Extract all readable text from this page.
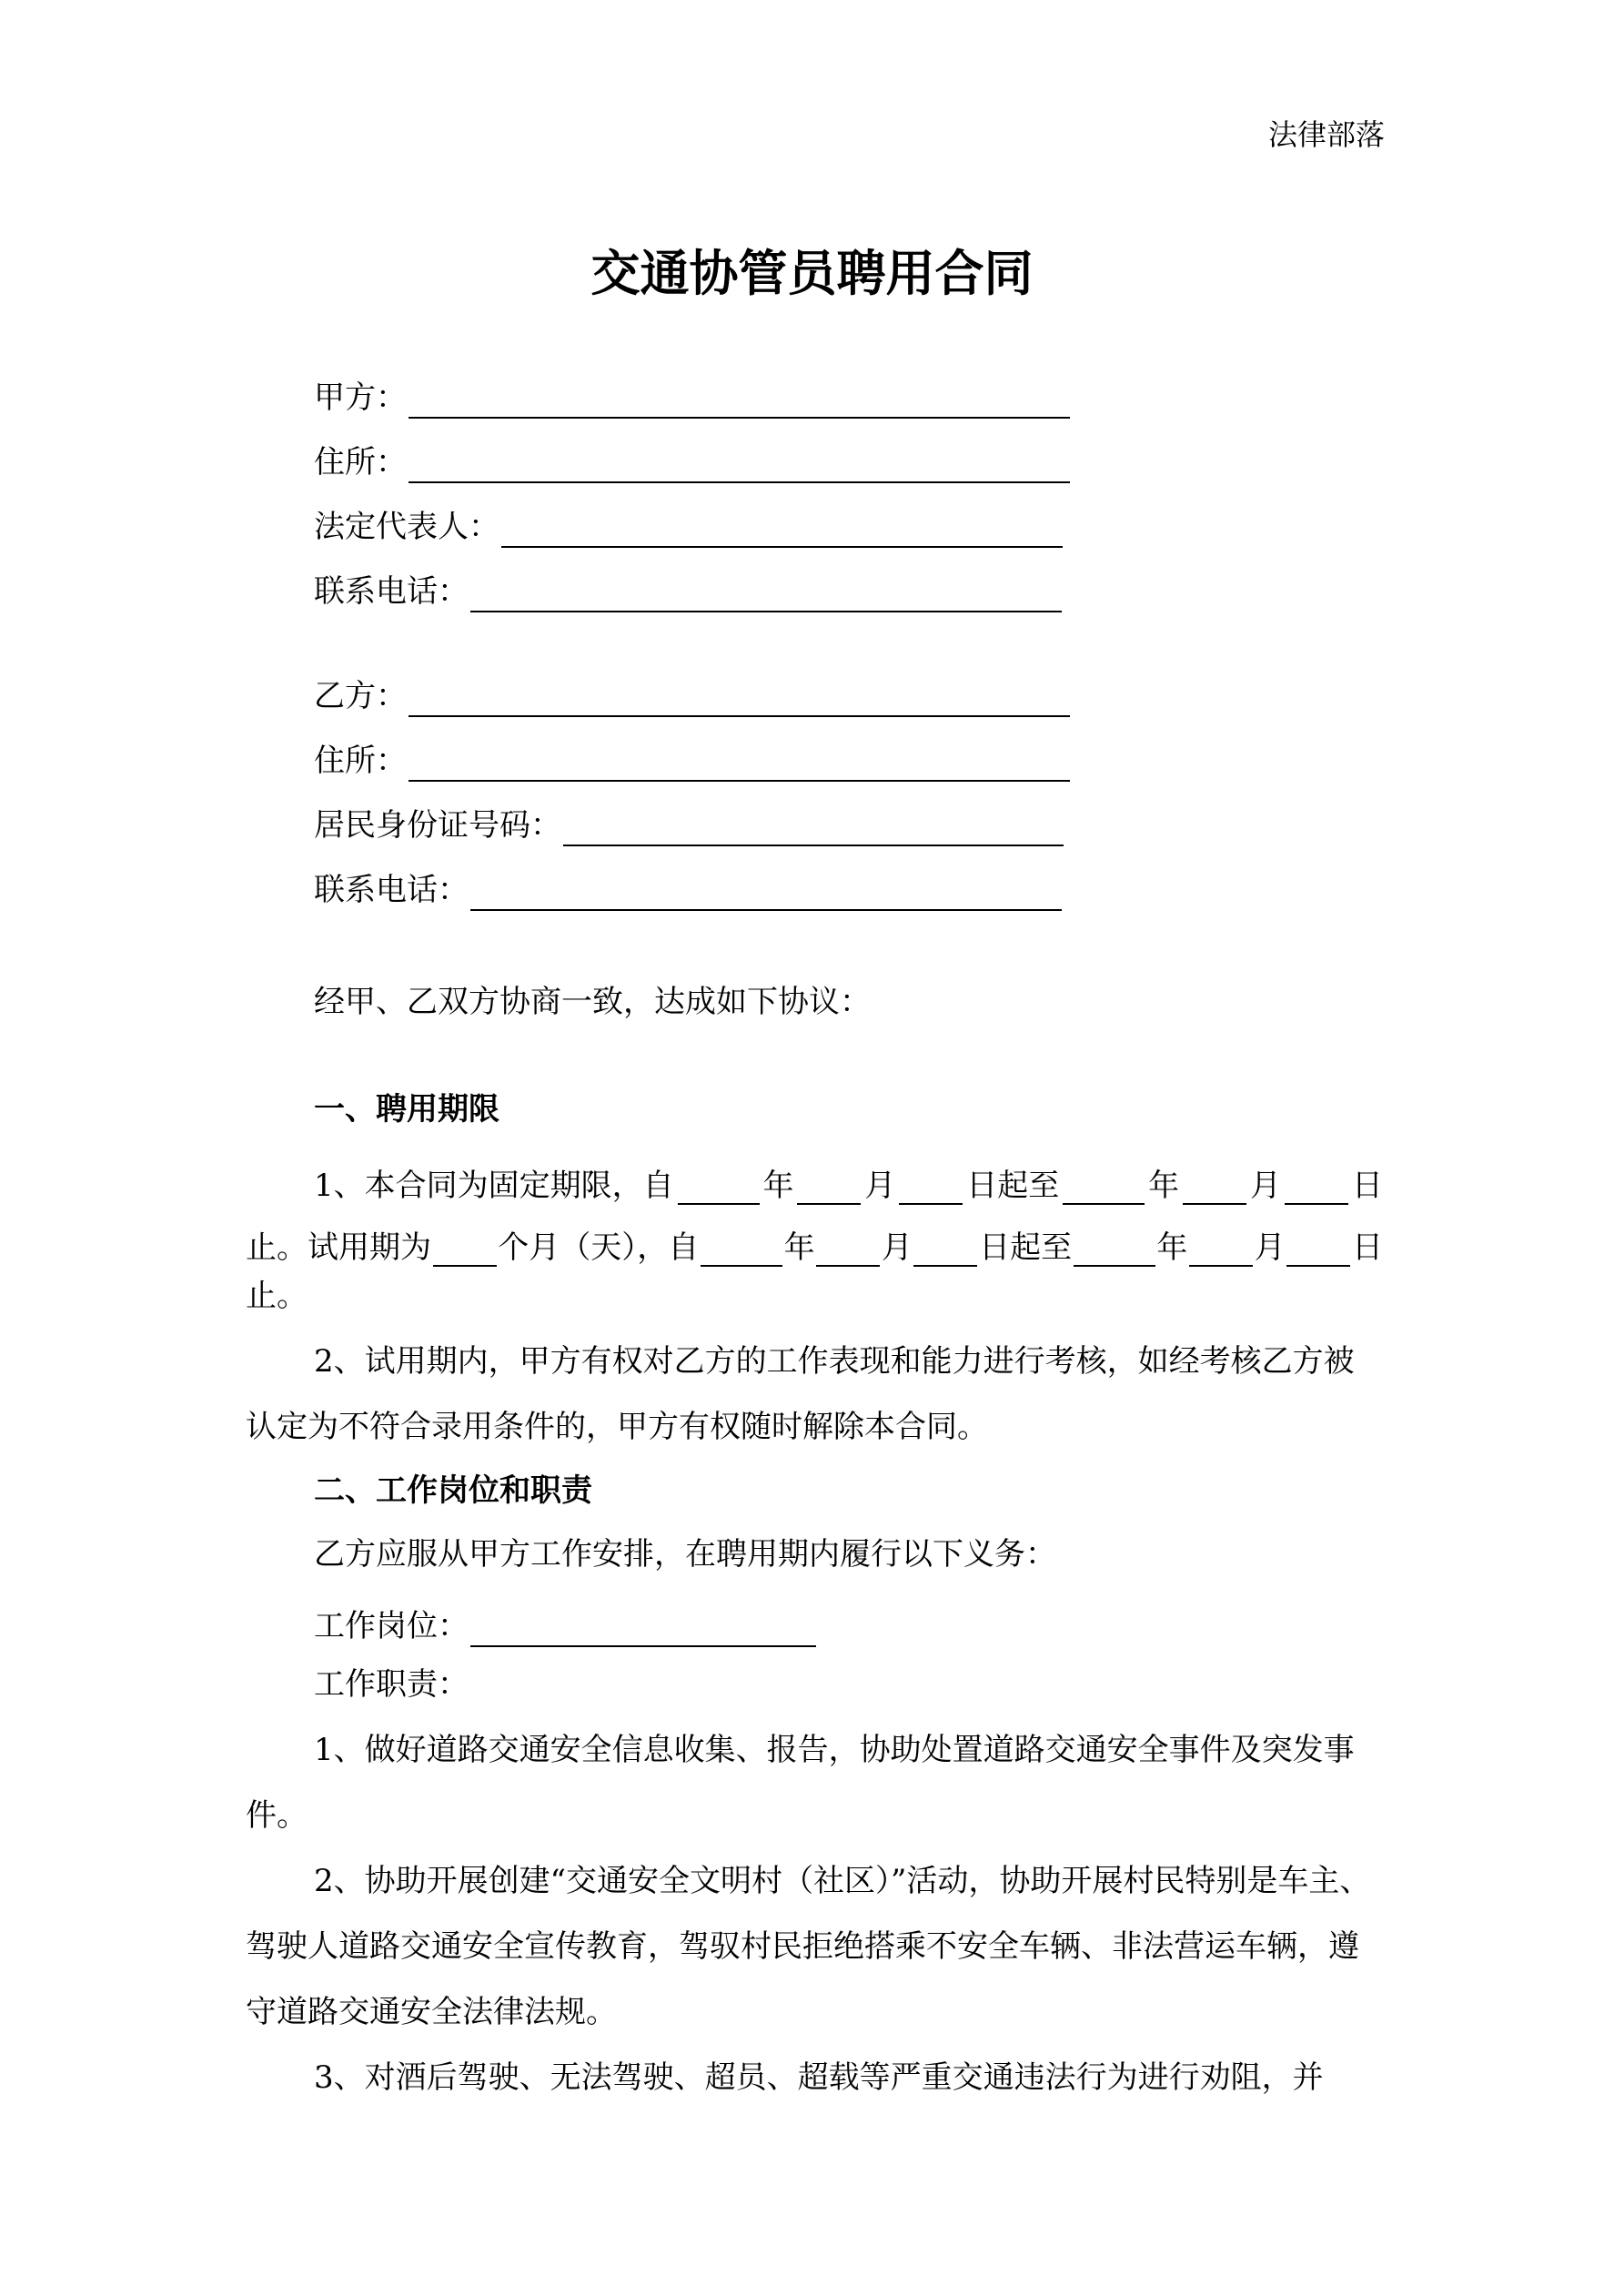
法律部落
交通协管员聘用合同
甲方：
住所：
法定代表人：
联系电话：
乙方：
住所：
居民身份证号码：
联系电话：
经甲、乙双方协商一致，达成如下协议：
一、聘用期限
1、本合同为固定期限，自	年 月 日起至	年 月 日
止。试用期为 个月（天），自	年 月 日起至	年 月 日
止。
2、试用期内，甲方有权对乙方的工作表现和能力进行考核，如经考核乙方被认定为不符合录用条件的，甲方有权随时解除本合同。
二、工作岗位和职责
乙方应服从甲方工作安排，在聘用期内履行以下义务：
工作岗位：
工作职责：
1、做好道路交通安全信息收集、报告，协助处置道路交通安全事件及突发事件。
2、协助开展创建“交通安全文明村（社区）”活动，协助开展村民特别是车主、驾驶人道路交通安全宣传教育，驾驭村民拒绝搭乘不安全车辆、非法营运车辆，遵守道路交通安全法律法规。
3、对酒后驾驶、无法驾驶、超员、超载等严重交通违法行为进行劝阻，并
